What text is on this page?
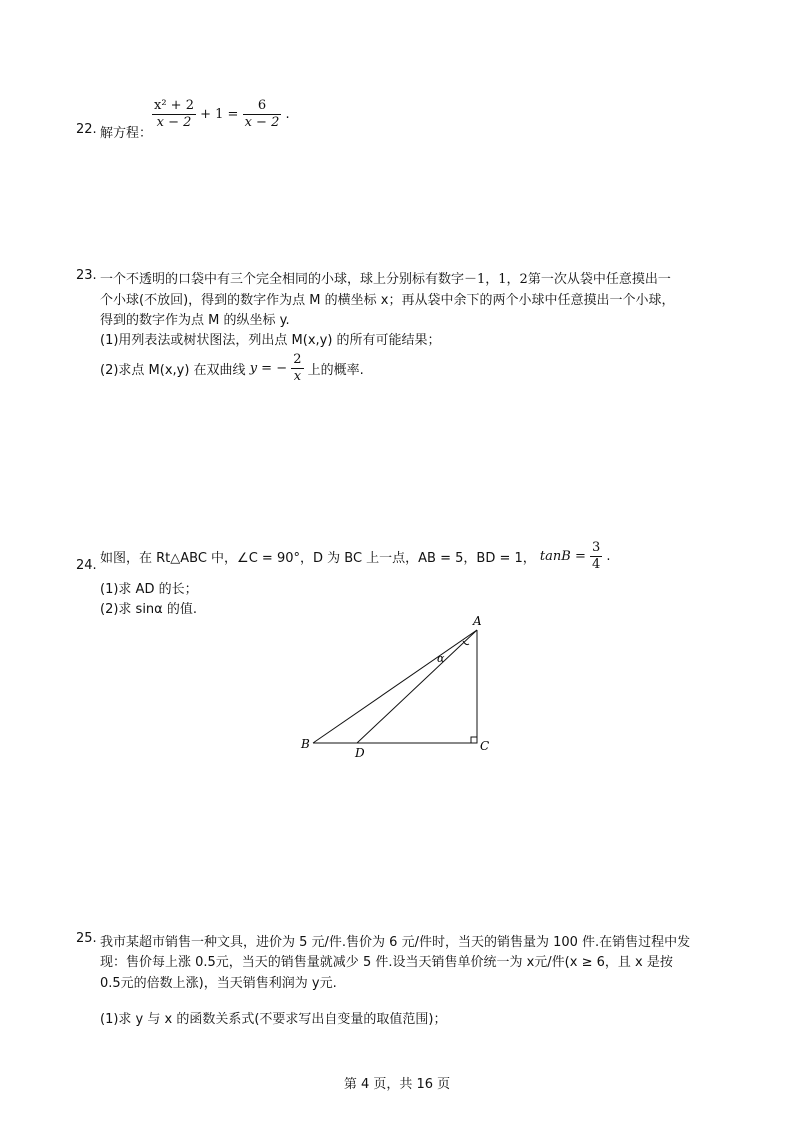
22. 解方程：
$\frac{\text{x² + 2}}{x - 2} + 1 = \frac{6}{x - 2}$ .
23. 一个不透明的口袋中有三个完全相同的小球，球上分别标有数字－1，1，2第一次从袋中任意摸出一
个小球(不放回)，得到的数字作为点 M 的横坐标 x；再从袋中余下的两个小球中任意摸出一个小球，
得到的数字作为点 M 的纵坐标 y.
(1)用列表法或树状图法，列出点 M(x,y) 的所有可能结果；
(2)求点 M(x,y) 在双曲线 y = − $\frac{2}{x}$ 上的概率.
24. 如图，在 Rt△ABC 中，∠C = 90°，D 为 BC 上一点，AB = 5，BD = 1， $\tan B = \frac{3}{4}$ .
(1)求 AD 的长；
(2)求 sinα 的值.
A
B	C
D
α
25. 我市某超市销售一种文具，进价为 5 元/件.售价为 6 元/件时，当天的销售量为 100 件.在销售过程中发
现：售价每上涨 0.5元，当天的销售量就减少 5 件.设当天销售单价统一为 x元/件(x ≥ 6，且 x 是按
0.5元的倍数上涨)，当天销售利润为 y元.
(1)求 y 与 x 的函数关系式(不要求写出自变量的取值范围)；
第 4 页，共 16 页
